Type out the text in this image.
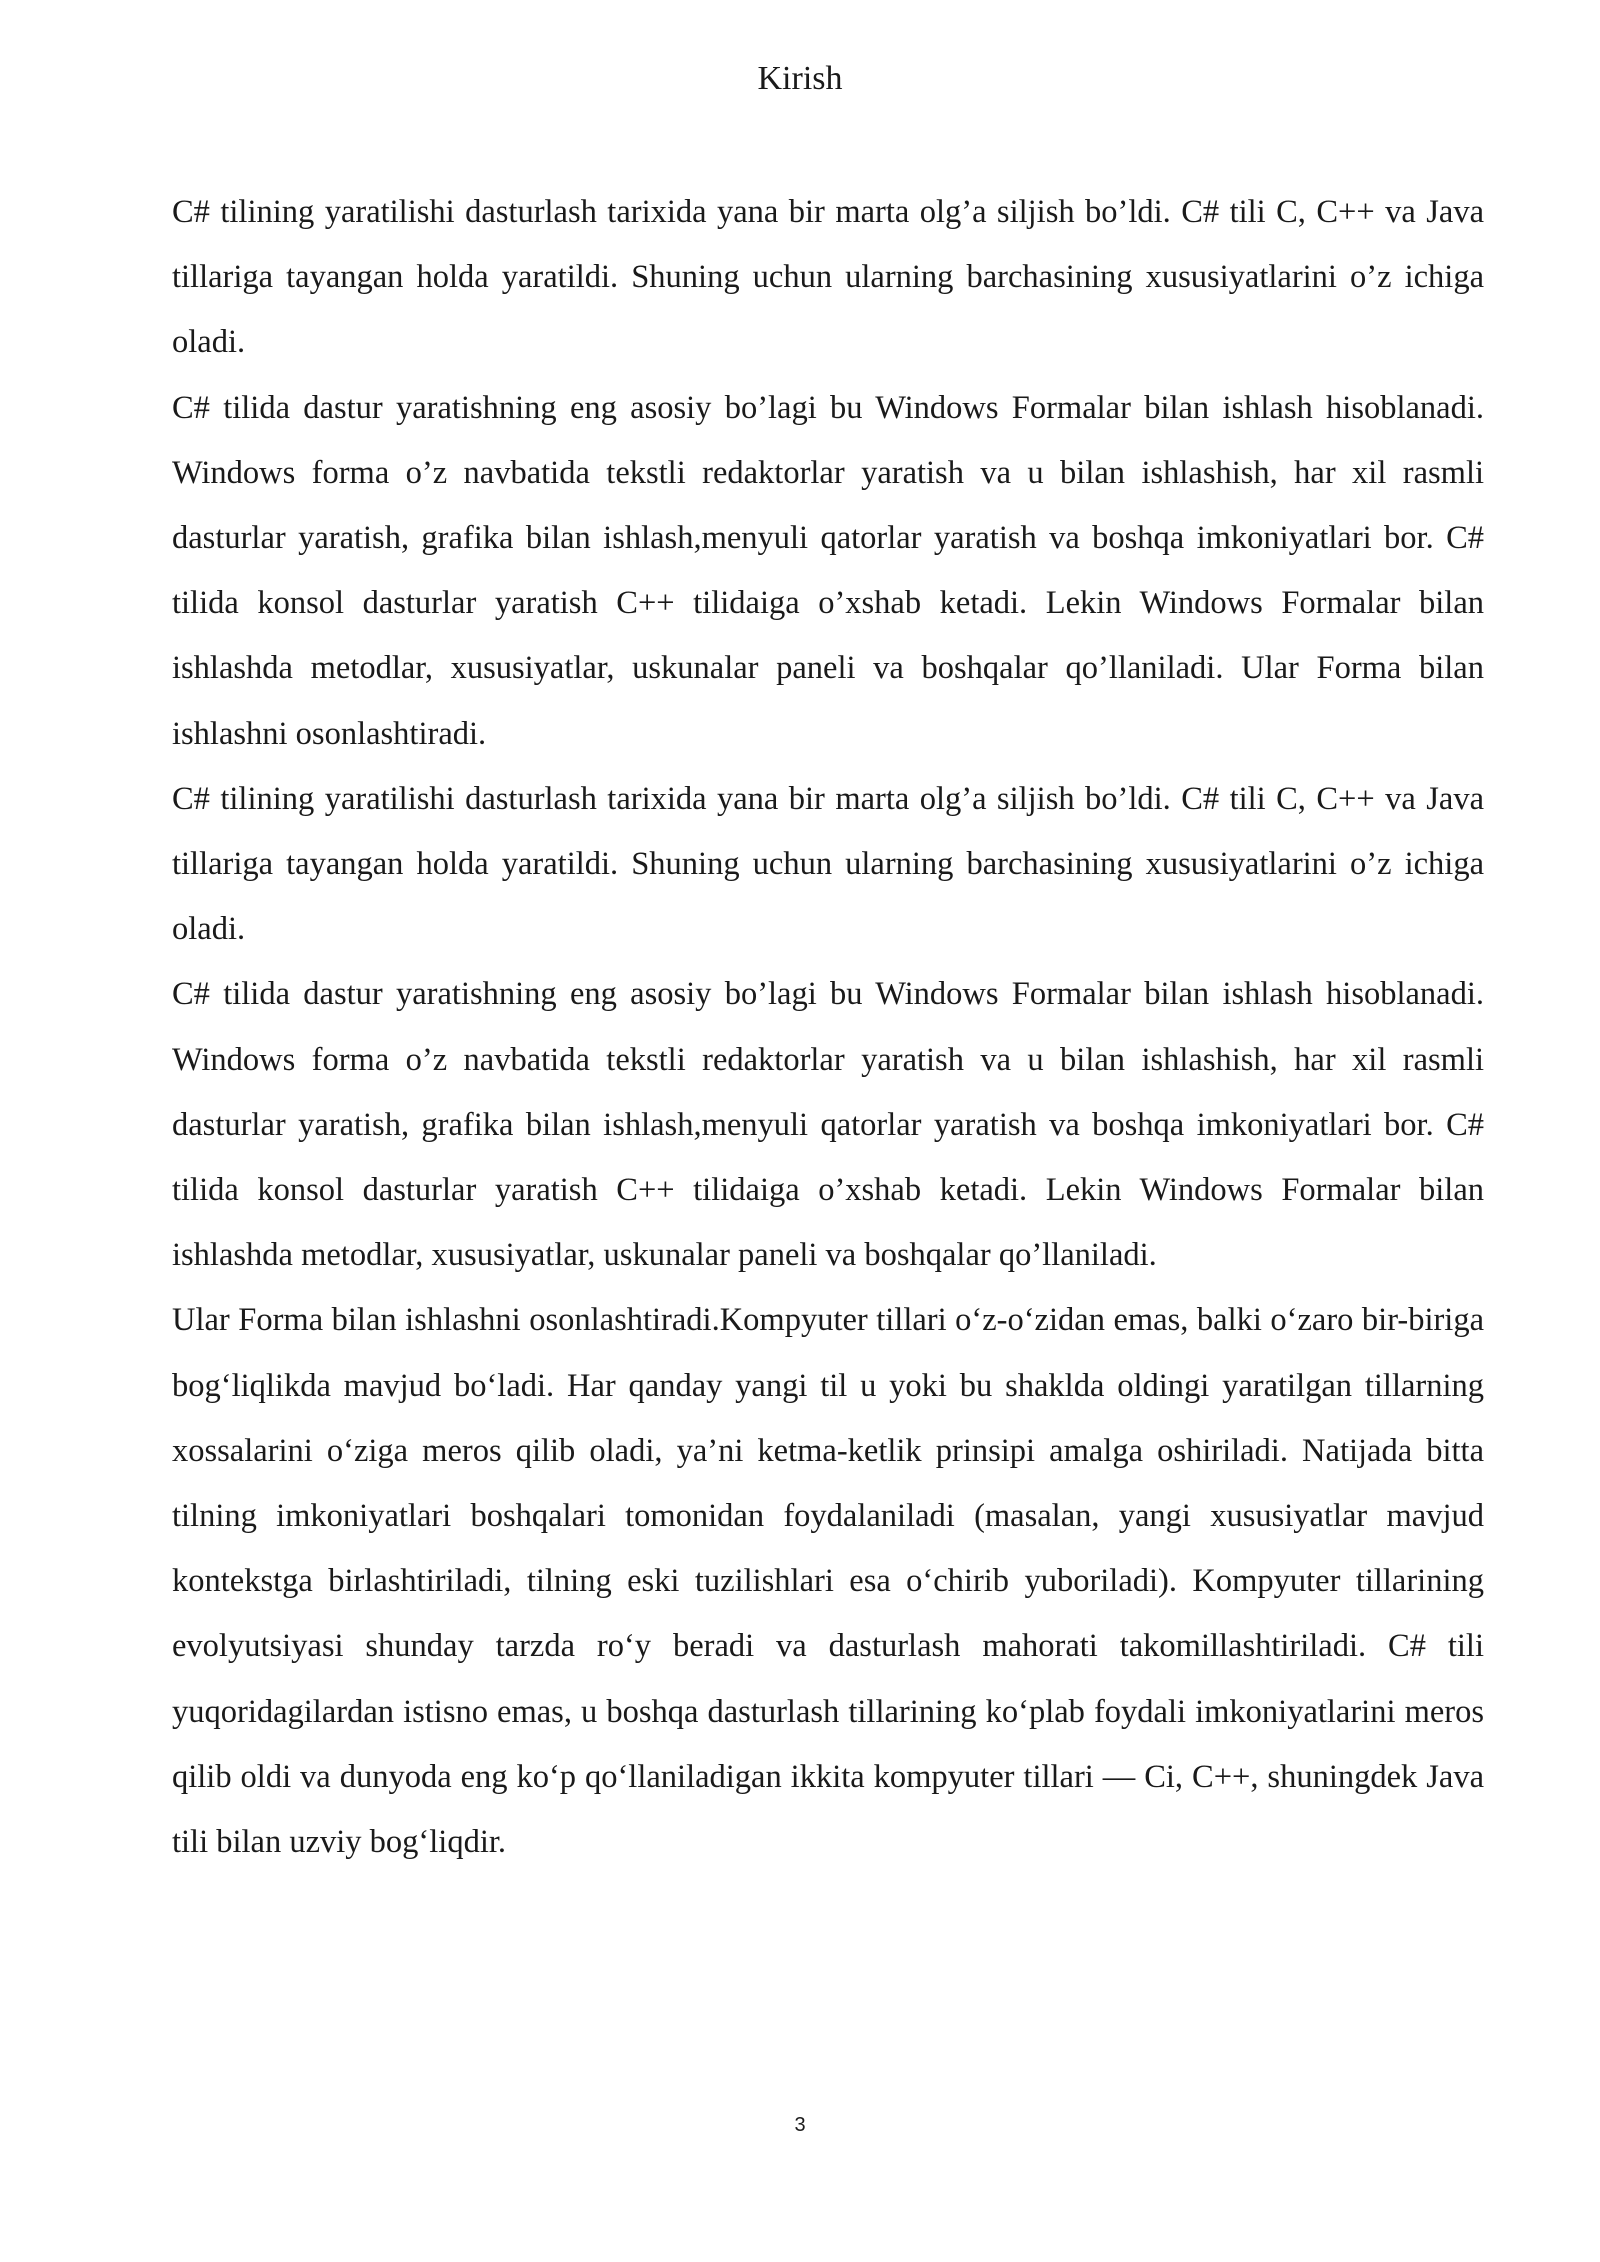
Kirish

C# tilining yaratilishi dasturlash tarixida yana bir marta olg’a siljish bo’ldi. C# tili C, C++ va Java tillariga tayangan holda yaratildi. Shuning uchun ularning barchasining xususiyatlarini o’z ichiga oladi.

C# tilida dastur yaratishning eng asosiy bo’lagi bu Windows Formalar bilan ishlash hisoblanadi. Windows forma o’z navbatida tekstli redaktorlar yaratish va u bilan ishlashish, har xil rasmli dasturlar yaratish, grafika bilan ishlash,menyuli qatorlar yaratish va boshqa imkoniyatlari bor. C# tilida konsol dasturlar yaratish C++ tilidaiga o’xshab ketadi. Lekin Windows Formalar bilan ishlashda metodlar, xususiyatlar, uskunalar paneli va boshqalar qo’llaniladi. Ular Forma bilan ishlashni osonlashtiradi.

C# tilining yaratilishi dasturlash tarixida yana bir marta olg’a siljish bo’ldi. C# tili C, C++ va Java tillariga tayangan holda yaratildi. Shuning uchun ularning barchasining xususiyatlarini o’z ichiga oladi.

C# tilida dastur yaratishning eng asosiy bo’lagi bu Windows Formalar bilan ishlash hisoblanadi. Windows forma o’z navbatida tekstli redaktorlar yaratish va u bilan ishlashish, har xil rasmli dasturlar yaratish, grafika bilan ishlash,menyuli qatorlar yaratish va boshqa imkoniyatlari bor. C# tilida konsol dasturlar yaratish C++ tilidaiga o’xshab ketadi. Lekin Windows Formalar bilan ishlashda metodlar, xususiyatlar, uskunalar paneli va boshqalar qo’llaniladi.

Ular Forma bilan ishlashni osonlashtiradi.Kompyuter tillari o‘z-o‘zidan emas, balki o‘zaro bir-biriga bog‘liqlikda mavjud bo‘ladi. Har qanday yangi til u yoki bu shakldа oldingi yaratilgan tillarning xossalarini o‘ziga meros qilib oladi, ya’ni ketma-ketlik prinsipi amalga oshiriladi. Natijada bitta tilning imkoniyatlari boshqalari tomonidan foydalaniladi (masalan, yangi xususiyatlar mavjud kontekstga birlashtiriladi, tilning eski tuzilishlari esa o‘chirib yuboriladi). Kompyuter tillarining evolyutsiyasi shunday tarzda ro‘y beradi va dasturlash mahorati takomillashtiriladi. C# tili yuqoridagilardan istisno emas, u boshqa dasturlash tillarining ko‘plab foydali imkoniyatlarini meros qilib oldi va dunyoda eng ko‘p qo‘llaniladigan ikkita kompyuter tillari — Ci, C++, shuningdek Java tili bilan uzviy bog‘liqdir.

3
